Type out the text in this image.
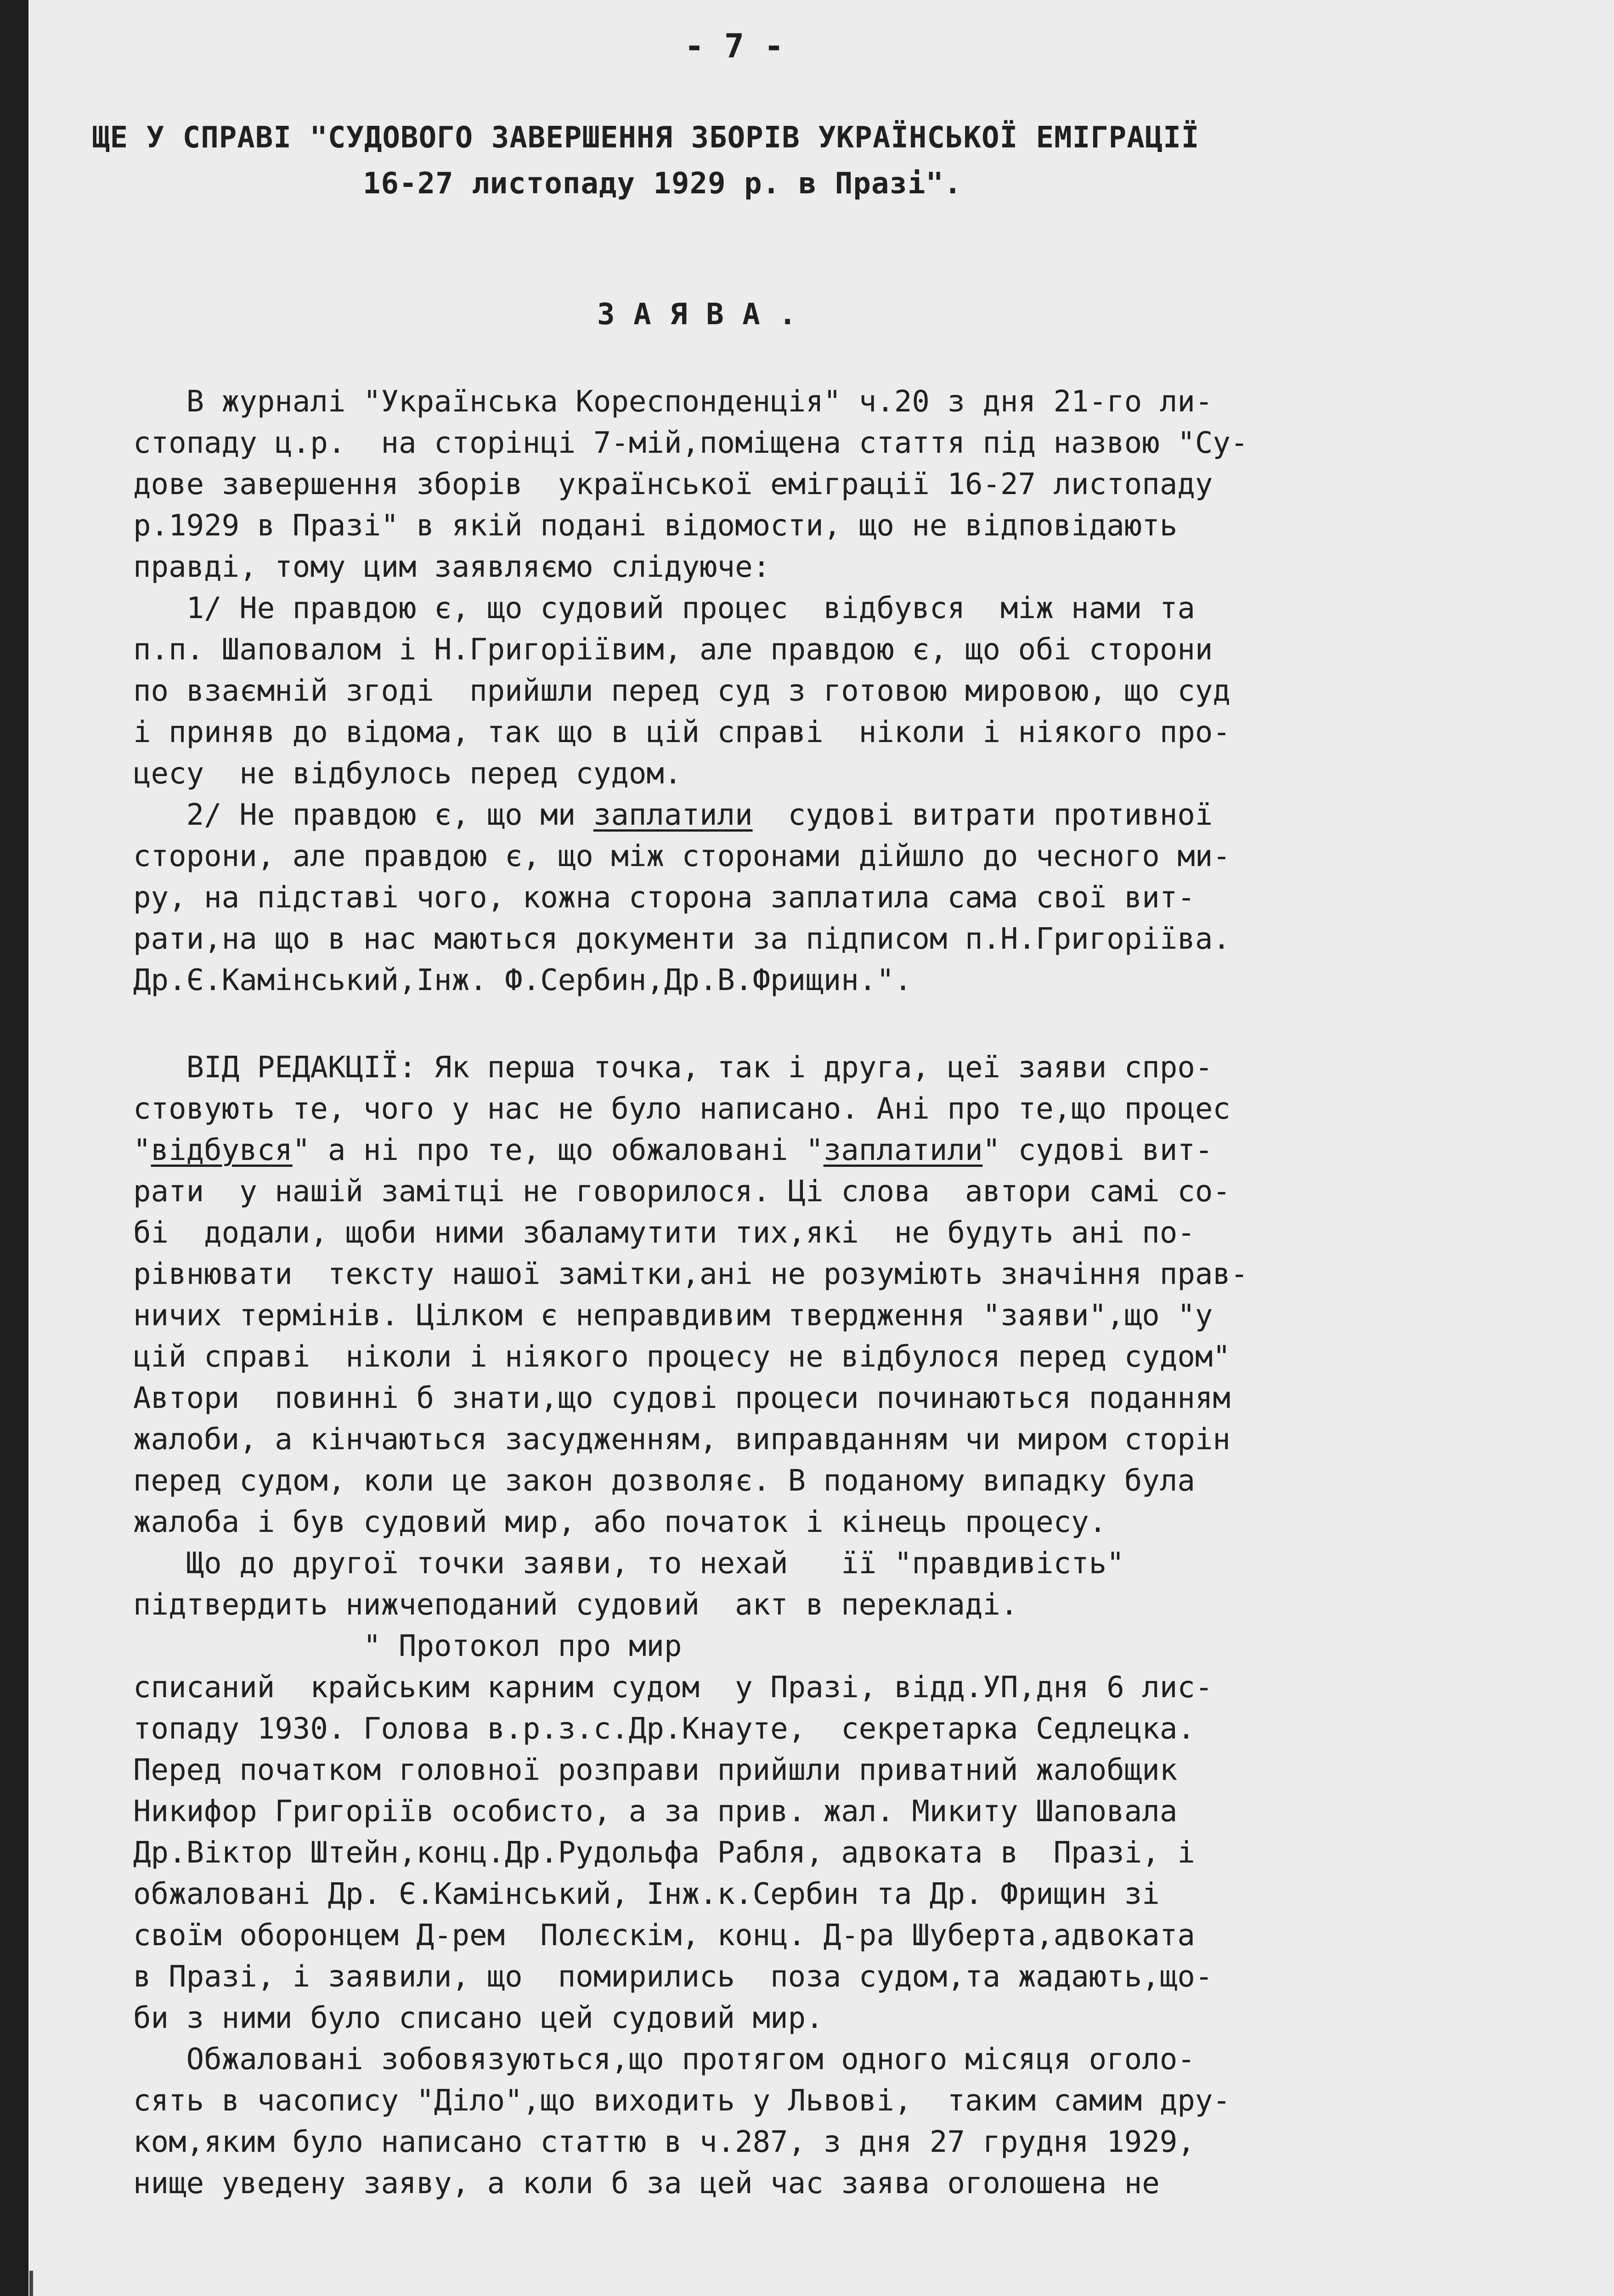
- 7 -
ЩЕ У СПРАВІ "СУДОВОГО ЗАВЕРШЕННЯ ЗБОРІВ УКРАЇНСЬКОЇ ЕМІГРАЦІЇ
16-27 листопаду 1929 р. в Празі".
З А Я В А .
В журналі "Українська Кореспонденція" ч.20 з дня 21-го ли-
стопаду ц.р.  на сторінці 7-мій,поміщена стаття під назвою "Су-
дове завершення зборів  української еміграції 16-27 листопаду
р.1929 в Празі" в якій подані відомости, що не відповідають
правді, тому цим заявляємо слідуюче:
1/ Не правдою є, що судовий процес  відбувся  між нами та
п.п. Шаповалом і Н.Григоріївим, але правдою є, що обі сторони
по взаємній згоді  прийшли перед суд з готовою мировою, що суд
і приняв до відома, так що в цій справі  ніколи і ніякого про-
цесу  не відбулось перед судом.
2/ Не правдою є, що ми заплатили  судові витрати противної
сторони, але правдою є, що між сторонами дійшло до чесного ми-
ру, на підставі чого, кожна сторона заплатила сама свої вит-
рати,на що в нас маються документи за підписом п.Н.Григоріїва.
Др.Є.Камінський,Інж. Ф.Сербин,Др.В.Фрищин.".
ВІД РЕДАКЦІЇ: Як перша точка, так і друга, цеї заяви спро-
стовують те, чого у нас не було написано. Ані про те,що процес
"відбувся" а ні про те, що обжаловані "заплатили" судові вит-
рати  у нашій замітці не говорилося. Ці слова  автори самі со-
бі  додали, щоби ними збаламутити тих,які  не будуть ані по-
рівнювати  тексту нашої замітки,ані не розуміють значіння прав-
ничих термінів. Цілком є неправдивим твердження "заяви",що "у
цій справі  ніколи і ніякого процесу не відбулося перед судом"
Автори  повинні б знати,що судові процеси починаються поданням
жалоби, а кінчаються засудженням, виправданням чи миром сторін
перед судом, коли це закон дозволяє. В поданому випадку була
жалоба і був судовий мир, або початок і кінець процесу.
Що до другої точки заяви, то нехай   її "правдивість"
підтвердить нижчеподаний судовий  акт в перекладі.
" Протокол про мир
списаний  крайським карним судом  у Празі, відд.УП,дня 6 лис-
топаду 1930. Голова в.р.з.с.Др.Кнауте,  секретарка Седлецка.
Перед початком головної розправи прийшли приватний жалобщик
Никифор Григоріїв особисто, а за прив. жал. Микиту Шаповала
Др.Віктор Штейн,конц.Др.Рудольфа Рабля, адвоката в  Празі, і
обжаловані Др. Є.Камінський, Інж.к.Сербин та Др. Фрищин зі
своїм оборонцем Д-рем  Полєскім, конц. Д-ра Шуберта,адвоката
в Празі, і заявили, що  помирились  поза судом,та жадають,що-
би з ними було списано цей судовий мир.
Обжаловані зобовязуються,що протягом одного місяця оголо-
сять в часопису "Діло",що виходить у Львові,  таким самим дру-
ком,яким було написано статтю в ч.287, з дня 27 грудня 1929,
нище уведену заяву, а коли б за цей час заява оголошена не
